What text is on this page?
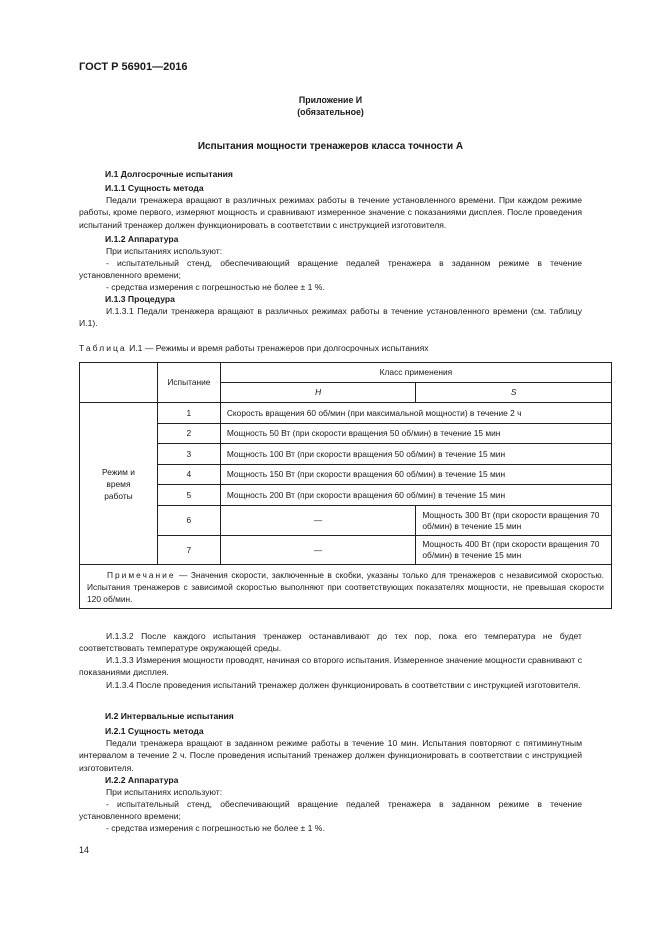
ГОСТ Р 56901—2016
Приложение И
(обязательное)
Испытания мощности тренажеров класса точности А
И.1 Долгосрочные испытания
И.1.1 Сущность метода
Педали тренажера вращают в различных режимах работы в течение установленного времени. При каждом режиме работы, кроме первого, измеряют мощность и сравнивают измеренное значение с показаниями дисплея. После проведения испытаний тренажер должен функционировать в соответствии с инструкцией изготовителя.
И.1.2 Аппаратура
При испытаниях используют:
- испытательный стенд, обеспечивающий вращение педалей тренажера в заданном режиме в течение установленного времени;
- средства измерения с погрешностью не более ± 1 %.
И.1.3 Процедура
И.1.3.1 Педали тренажера вращают в различных режимах работы в течение установленного времени (см. таблицу И.1).
Таблица И.1 — Режимы и время работы тренажеров при долгосрочных испытаниях
	Испытание	Класс применения	
		H	S
Режим и время работы	1	Скорость вращения 60 об/мин (при максимальной мощности) в течение 2 ч	
	2	Мощность 50 Вт (при скорости вращения 50 об/мин) в течение 15 мин	
	3	Мощность 100 Вт (при скорости вращения 50 об/мин) в течение 15 мин	
	4	Мощность 150 Вт (при скорости вращения 60 об/мин) в течение 15 мин	
	5	Мощность 200 Вт (при скорости вращения 60 об/мин) в течение 15 мин	
	6	—	Мощность 300 Вт (при скорости вращения 70 об/мин) в течение 15 мин
	7	—	Мощность 400 Вт (при скорости вращения 70 об/мин) в течение 15 мин
Примечание — Значения скорости, заключенные в скобки, указаны только для тренажеров с независимой скоростью. Испытания тренажеров с зависимой скоростью выполняют при соответствующих показателях мощности, не превышая скорости 120 об/мин.			
И.1.3.2 После каждого испытания тренажер останавливают до тех пор, пока его температура не будет соответствовать температуре окружающей среды.
И.1.3.3 Измерения мощности проводят, начиная со второго испытания. Измеренное значение мощности сравнивают с показаниями дисплея.
И.1.3.4 После проведения испытаний тренажер должен функционировать в соответствии с инструкцией изготовителя.
И.2 Интервальные испытания
И.2.1 Сущность метода
Педали тренажера вращают в заданном режиме работы в течение 10 мин. Испытания повторяют с пятиминутным интервалом в течение 2 ч. После проведения испытаний тренажер должен функционировать в соответствии с инструкцией изготовителя.
И.2.2 Аппаратура
При испытаниях используют:
- испытательный стенд, обеспечивающий вращение педалей тренажера в заданном режиме в течение установленного времени;
- средства измерения с погрешностью не более ± 1 %.
14
